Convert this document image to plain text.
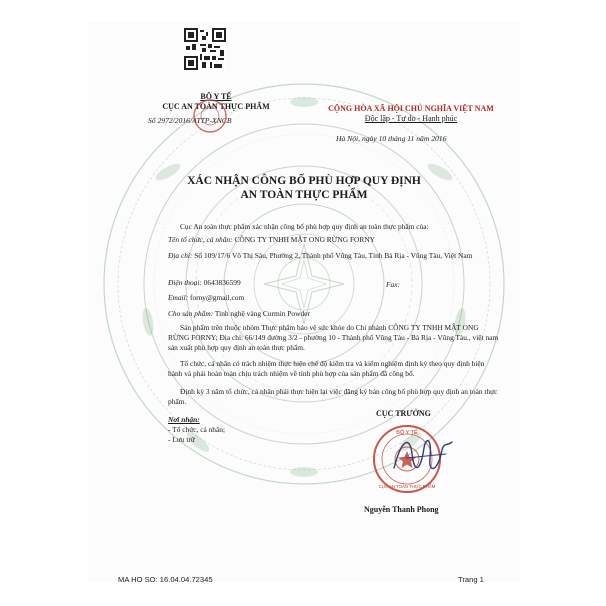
BỘ Y TẾ
CỤC AN TOÀN THỰC PHẨM
Số 2972/2016/ATTP-XNCB
CỘNG HÒA XÃ HỘI CHỦ NGHĨA VIỆT NAM
Độc lập - Tự do - Hạnh phúc
Hà Nội, ngày 10 tháng 11 năm 2016
XÁC NHẬN CÔNG BỐ PHÙ HỢP QUY ĐỊNH
AN TOÀN THỰC PHẨM
Cục An toàn thực phẩm xác nhận công bố phù hợp quy định an toàn thực phẩm của:
Tên tổ chức, cá nhân: CÔNG TY TNHH MẬT ONG RỪNG FORNY
Địa chỉ: Số 109/17/6 Võ Thị Sáu, Phường 2, Thành phố Vũng Tàu, Tỉnh Bà Rịa - Vũng Tàu, Việt Nam
Điện thoại: 0643836599	Fax:
Email: forny@gmail.com
Cho sản phẩm: Tinh nghệ vàng Curmin Powder
Sản phẩm trên thuộc nhóm Thực phẩm bảo vệ sức khỏe do Chi nhánh CÔNG TY TNHH MẬT ONG RỪNG FORNY; Địa chỉ: 66/149 đường 3/2 - phường 10 - Thành phố Vũng Tàu - Bà Rịa - Vũng Tàu., việt nam sản xuất phù hợp quy định an toàn thực phẩm.
Tổ chức, cá nhân có trách nhiệm thực hiện chế độ kiểm tra và kiểm nghiệm định kỳ theo quy định hiện hành và phải hoàn toàn chịu trách nhiệm về tính phù hợp của sản phẩm đã công bố.
Định kỳ 3 năm tổ chức, cá nhân phải thực hiện lại việc đăng ký bản công bố phù hợp quy định an toàn thực phẩm.
Nơi nhận:
- Tổ chức, cá nhân;
- Lưu trữ
CỤC TRƯỞNG
BỘ Y TẾ
CỤC AN TOÀN THỰC PHẨM
Nguyễn Thanh Phong
MA HO SO: 16.04.04.72345	Trang 1
